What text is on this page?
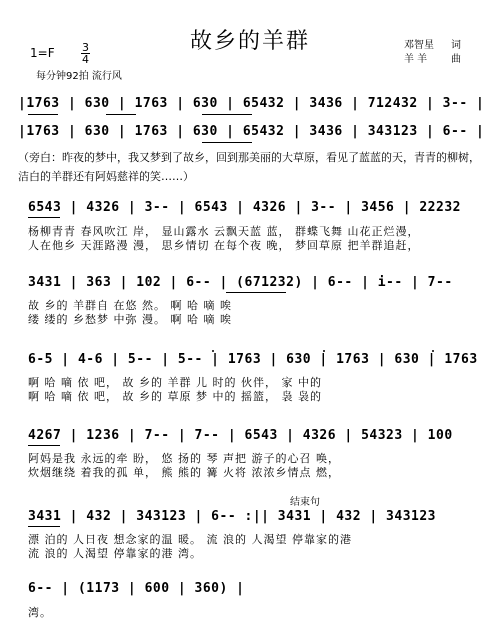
故乡的羊群
1=F 3
4
每分钟92拍 流行风
邓智星 词
羊 羊 曲
|1763 | 630 | 1763 | 630 | 65432 | 3436 | 712432 | 3-- |
|1763 | 630 | 1763 | 630 | 65432 | 3436 | 343123 | 6-- |
（旁白：昨夜的梦中，我又梦到了故乡，回到那美丽的大草原，看见了蓝蓝的天，青青的柳树，洁白的羊群还有阿妈慈祥的笑……）
6543 | 4326 | 3-- | 6543 | 4326 | 3-- | 3456 | 22232
杨柳青青 春风吹江 岸， 显山露水 云飘天蓝 蓝， 群蝶飞舞 山花正烂漫，
人在他乡 天涯路漫 漫， 思乡情切 在每个夜 晚， 梦回草原 把羊群追赶，
3431 | 363 | 102 | 6-- | (671232) | 6-- | i-- | 7--
故 乡的 羊群自 在悠 然。 啊 哈 嘀 唉
缕 缕的 乡愁梦 中弥 漫。 啊 哈 嘀 唉
6-5 | 4-6 | 5-- | 5-- | 1763 | 630 | 1763 | 630 | 1763
啊 哈 嘀 依 吧， 故 乡的 羊群 儿 时的 伙伴， 家 中的
啊 哈 嘀 依 吧， 故 乡的 草原 梦 中的 摇篮， 袅 袅的
4267 | 1236 | 7-- | 7-- | 6543 | 4326 | 54323 | 100
阿妈是我 永远的牵 盼， 悠 扬的 琴 声把 游子的心召 唤，
炊烟继绕 着我的孤 单， 熊 熊的 篝 火将 浓浓乡情点 燃，
结束句
3431 | 432 | 343123 | 6-- :|| 3431 | 432 | 343123
漂 泊的 人日夜 想念家的温 暖。 流 浪的 人渴望 停靠家的港
流 浪的 人渴望 停靠家的港 湾。
6-- | (1173 | 600 | 360) |
湾。
